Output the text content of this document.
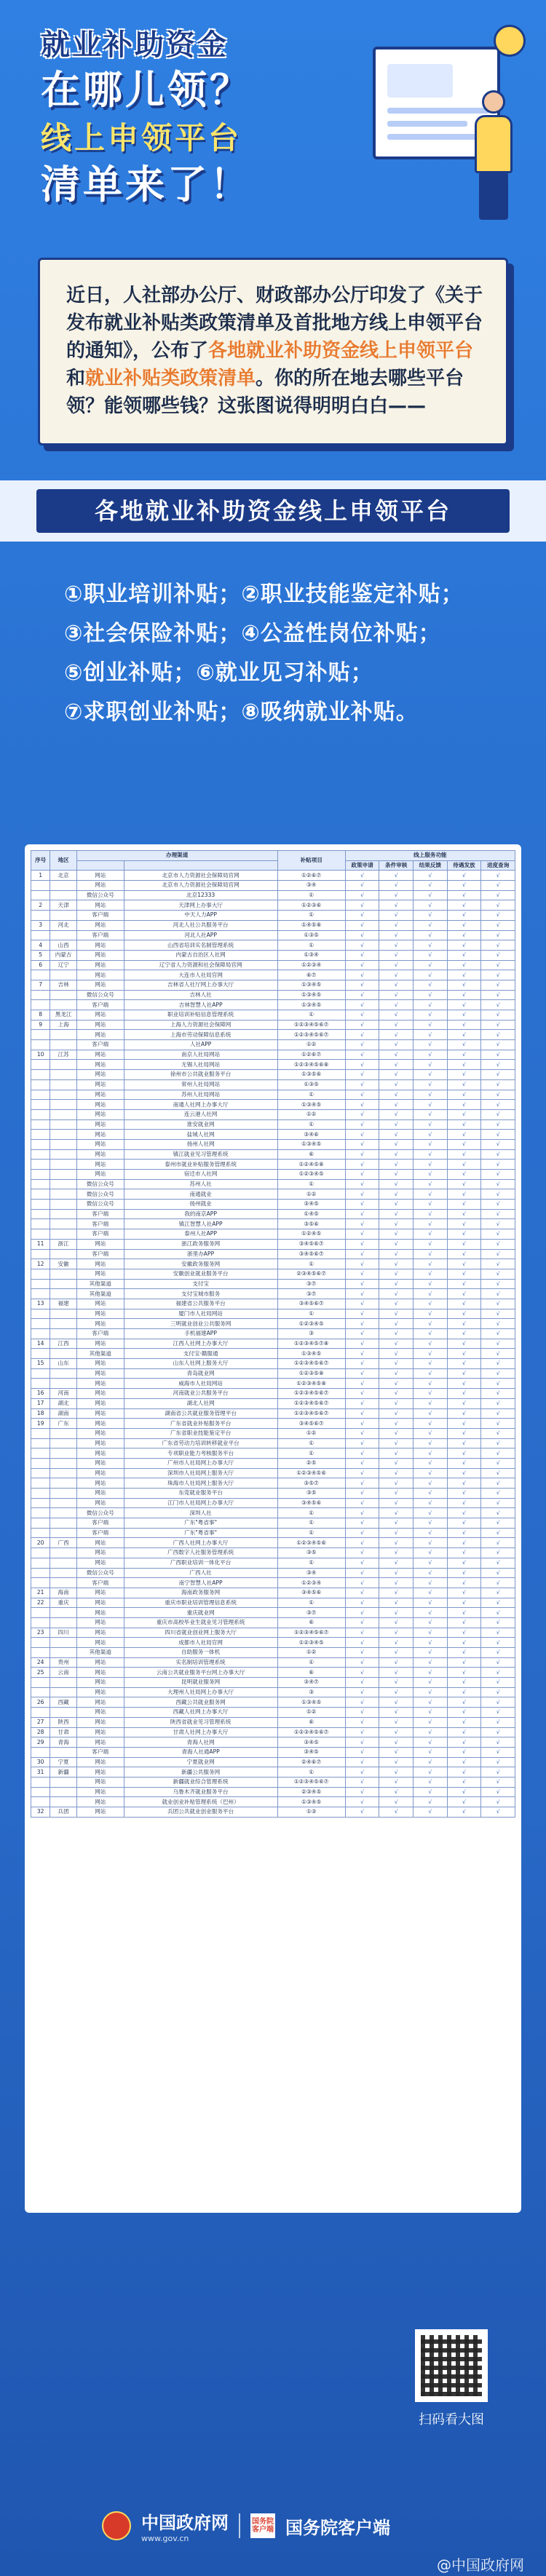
就业补助资金
在哪儿领？
线上申领平台
清单来了！

近日，人社部办公厅、财政部办公厅印发了《关于发布就业补贴类政策清单及首批地方线上申领平台的通知》，公布了各地就业补助资金线上申领平台和就业补贴类政策清单。你的所在地去哪些平台领？能领哪些钱？这张图说得明明白白——

各地就业补助资金线上申领平台
①职业培训补贴；②职业技能鉴定补贴；
③社会保险补贴；④公益性岗位补贴；
⑤创业补贴；⑥就业见习补贴；
⑦求职创业补贴；⑧吸纳就业补贴。
序号	地区	办理渠道		补贴项目	线上服务功能				
					政策申请	条件审核	结果反馈	待遇发放	进度查询
1	北京	网站	北京市人力资源社会保障局官网	①②⑥⑦	√	√	√	√	√
		网站	北京市人力资源社会保障局官网	③④	√	√	√	√	√
		微信公众号	北京12333	①	√	√	√	√	√
2	天津	网站	天津网上办事大厅	①②③⑥	√	√	√	√	√
		客户端	中天人力APP	①	√	√	√	√	√
3	河北	网站	河北人社公共服务平台	①④⑤⑧	√	√	√	√	√
		客户端	河北人社APP	①③⑤	√	√	√	√	√
4	山西	网站	山西省培训实名制管理系统	①	√	√	√	√	√
5	内蒙古	网站	内蒙古自治区人社网	①③④	√	√	√	√	√
6	辽宁	网站	辽宁省人力资源和社会保障局官网	①②③④	√	√	√	√	√
		网站	大连市人社局官网	⑥⑦	√	√	√	√	√
7	吉林	网站	吉林省人社厅网上办事大厅	①③④⑤	√	√	√	√	√
		微信公众号	吉林人社	①③④⑤	√	√	√	√	√
		客户端	吉林智慧人社APP	①③④⑤	√	√	√	√	√
8	黑龙江	网站	职业培训补贴信息管理系统	①	√	√	√	√	√
9	上海	网站	上海人力资源社会保障网	①②③④⑤⑥⑦	√	√	√	√	√
		网站	上海市劳动保障信息系统	①②③④⑤⑥⑦	√	√	√	√	√
		客户端	人社APP	①②	√	√	√	√	√
10	江苏	网站	南京人社局网站	①②⑥⑦	√	√	√	√	√
		网站	无锡人社局网站	①②③④⑤⑥⑧	√	√	√	√	√
		网站	徐州市公共就业服务平台	①③⑤⑥	√	√	√	√	√
		网站	常州人社局网站	①③⑤	√	√	√	√	√
		网站	苏州人社局网站	①	√	√	√	√	√
		网站	南通人社网上办事大厅	①③④⑤	√	√	√	√	√
		网站	连云港人社网	①②	√	√	√	√	√
		网站	淮安就业网	①	√	√	√	√	√
		网站	盐城人社网	③④⑥	√	√	√	√	√
		网站	扬州人社网	①③④⑤	√	√	√	√	√
		网站	镇江就业见习管理系统	⑥	√	√	√	√	√
		网站	泰州市就业补贴服务管理系统	①②④⑤⑧	√	√	√	√	√
		网站	宿迁市人社网	①②③④⑤	√	√	√	√	√
		微信公众号	苏州人社	①	√	√	√	√	√
		微信公众号	南通就业	①②	√	√	√	√	√
		微信公众号	扬州就业	③④⑤	√	√	√	√	√
		客户端	我的南京APP	①④⑤	√	√	√	√	√
		客户端	镇江智慧人社APP	③⑤⑥	√	√	√	√	√
		客户端	泰州人社APP	①②④⑤	√	√	√	√	√
11	浙江	网站	浙江政务服务网	③④⑤⑥⑦	√	√	√	√	√
		客户端	浙里办APP	③④⑤⑥⑦	√	√	√	√	√
12	安徽	网站	安徽政务服务网	①	√	√	√	√	√
		网站	安徽创业就业服务平台	②③④⑤⑥⑦	√	√	√	√	√
		其他渠道	支付宝	③⑦	√	√	√	√	√
		其他渠道	支付宝城市服务	③⑦	√	√	√	√	√
13	福建	网站	福建省公共服务平台	③④⑤⑥⑦	√	√	√	√	√
		网站	厦门市人社局网站	①	√	√	√	√	√
		网站	三明就业创业公共服务网	①②③④⑤	√	√	√	√	√
		客户端	手机福建APP	③	√	√	√	√	√
14	江西	网站	江西人社网上办事大厅	①②③④⑤⑦⑧	√	√	√	√	√
		其他渠道	支付宝·赣服通	①③④⑤	√	√	√	√	√
15	山东	网站	山东人社网上服务大厅	①②③④⑤⑥⑦	√	√	√	√	√
		网站	青岛就业网	①②③⑤⑧	√	√	√	√	√
		网站	威海市人社局网站	①②③④⑤⑧	√	√	√	√	√
16	河南	网站	河南就业公共服务平台	①②③④⑤⑥⑦	√	√	√	√	√
17	湖北	网站	湖北人社网	①②③④⑤⑥⑦	√	√	√	√	√
18	湖南	网站	湖南省公共就业服务管理平台	①②③④⑤⑥⑦	√	√	√	√	√
19	广东	网站	广东省就业补贴服务平台	③④⑤⑥⑦	√	√	√	√	√
		网站	广东省职业技能鉴定平台	①②	√	√	√	√	√
		网站	广东省劳动力培训转移就业平台	①	√	√	√	√	√
		网站	专项职业能力考核服务平台	①	√	√	√	√	√
		网站	广州市人社局网上办事大厅	②⑤	√	√	√	√	√
		网站	深圳市人社局网上服务大厅	①②③④⑤⑥	√	√	√	√	√
		网站	珠海市人社局网上服务大厅	③⑤⑦	√	√	√	√	√
		网站	东莞就业服务平台	③⑤	√	√	√	√	√
		网站	江门市人社局网上办事大厅	③④⑤⑥	√	√	√	√	√
		微信公众号	深圳人社	①	√	√	√	√	√
		客户端	广东"粤省事"	①	√	√	√	√	√
		客户端	广东"粤省事"	①	√	√	√	√	√
20	广西	网站	广西人社网上办事大厅	①②③④⑤⑥	√	√	√	√	√
		网站	广西数字人社服务管理系统	③⑤	√	√	√	√	√
		网站	广西职业培训一体化平台	①	√	√	√	√	√
		微信公众号	广西人社	③④	√	√	√	√	√
		客户端	南宁智慧人社APP	①②③④	√	√	√	√	√
21	海南	网站	海南政务服务网	③④⑤⑥	√	√	√	√	√
22	重庆	网站	重庆市职业培训管理信息系统	①	√	√	√	√	√
		网站	重庆就业网	③⑦	√	√	√	√	√
		网站	重庆市高校毕业生就业见习管理系统	⑥	√	√	√	√	√
23	四川	网站	四川省就业创业网上服务大厅	①②③④⑤⑥⑦	√	√	√	√	√
		网站	成都市人社局官网	①②③④⑤	√	√	√	√	√
		其他渠道	自助服务一体机	①②	√	√	√	√	√
24	贵州	网站	实名制培训管理系统	①	√	√	√	√	√
25	云南	网站	云南公共就业服务平台网上办事大厅	⑥	√	√	√	√	√
		网站	昆明就业服务网	③④⑦	√	√	√	√	√
		网站	大理州人社局网上办事大厅	③	√	√	√	√	√
26	西藏	网站	西藏公共就业服务网	①③④⑤	√	√	√	√	√
		网站	西藏人社网上办事大厅	①②	√	√	√	√	√
27	陕西	网站	陕西省就业见习管理系统	⑥	√	√	√	√	√
28	甘肃	网站	甘肃人社网上办事大厅	①②③④⑤⑥⑦	√	√	√	√	√
29	青海	网站	青海人社网	③④⑤	√	√	√	√	√
		客户端	青海人社通APP	③④⑤	√	√	√	√	√
30	宁夏	网站	宁夏就业网	②④⑥⑦	√	√	√	√	√
31	新疆	网站	新疆公共服务网	①	√	√	√	√	√
		网站	新疆就业综合管理系统	①②③④⑤⑥⑦	√	√	√	√	√
		网站	乌鲁木齐就业服务平台	②③④⑤	√	√	√	√	√
		网站	就业创业补贴管理系统（巴州）	①③④⑤	√	√	√	√	√
32	兵团	网站	兵团公共就业创业服务平台	①③	√	√	√	√	√
扫码看大图
中国政府网
www.gov.cn
国务院客户端 国务院客户端
@中国政府网
